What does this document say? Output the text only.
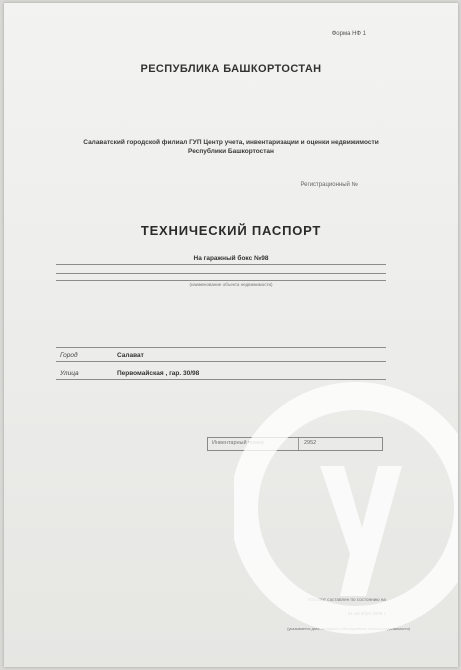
Форма НФ 1
РЕСПУБЛИКА БАШКОРТОСТАН
Салаватский городской филиал ГУП Центр учета, инвентаризации и оценки недвижимости
Республики Башкортостан
Регистрационный №
ТЕХНИЧЕСКИЙ ПАСПОРТ
На гаражный бокс №98
(наименование объекта недвижимости)
Город	Салават
Улица	Первомайская , гар. 30/98
Инвентарный номер	2952
Паспорт составлен по состоянию на
31 октября 2008 г.
(указывается дата последнего обследования объекта недвижимости)
